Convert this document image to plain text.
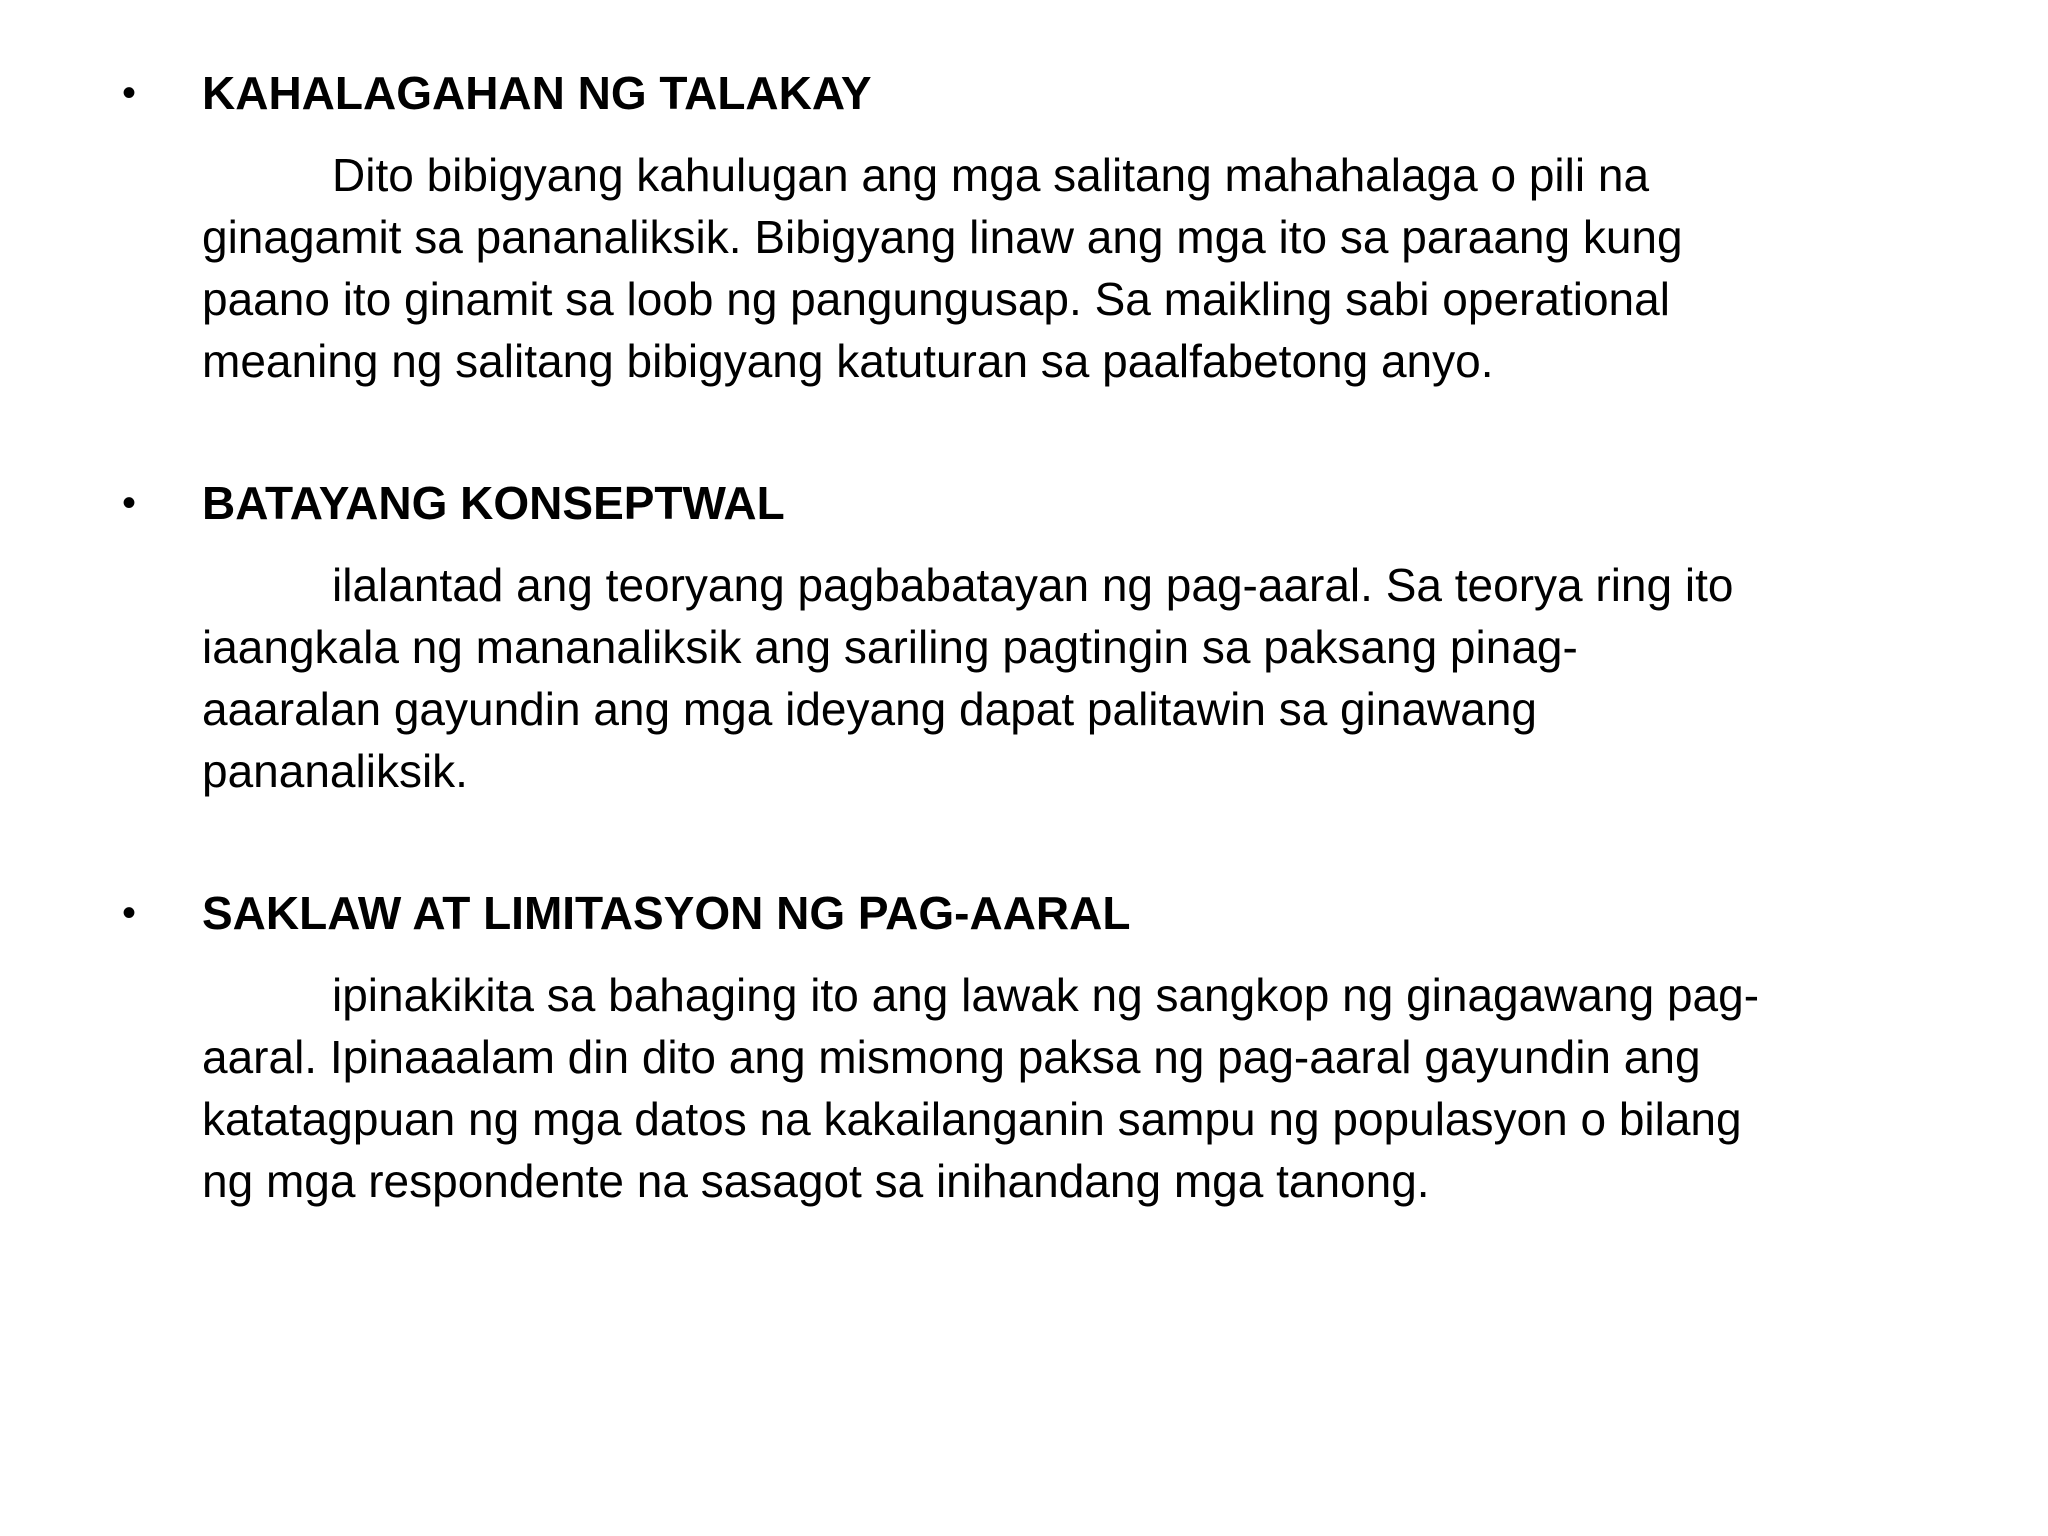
• KAHALAGAHAN NG TALAKAY
Dito bibigyang kahulugan ang mga salitang mahahalaga o pili na
ginagamit sa pananaliksik. Bibigyang linaw ang mga ito sa paraang kung
paano ito ginamit sa loob ng pangungusap. Sa maikling sabi operational
meaning ng salitang bibigyang katuturan sa paalfabetong anyo.
• BATAYANG KONSEPTWAL
ilalantad ang teoryang pagbabatayan ng pag-aaral. Sa teorya ring ito
iaangkala ng mananaliksik ang sariling pagtingin sa paksang pinag-
aaaralan gayundin ang mga ideyang dapat palitawin sa ginawang
pananaliksik.
• SAKLAW AT LIMITASYON NG PAG-AARAL
ipinakikita sa bahaging ito ang lawak ng sangkop ng ginagawang pag-
aaral. Ipinaaalam din dito ang mismong paksa ng pag-aaral gayundin ang
katatagpuan ng mga datos na kakailanganin sampu ng populasyon o bilang
ng mga respondente na sasagot sa inihandang mga tanong.
